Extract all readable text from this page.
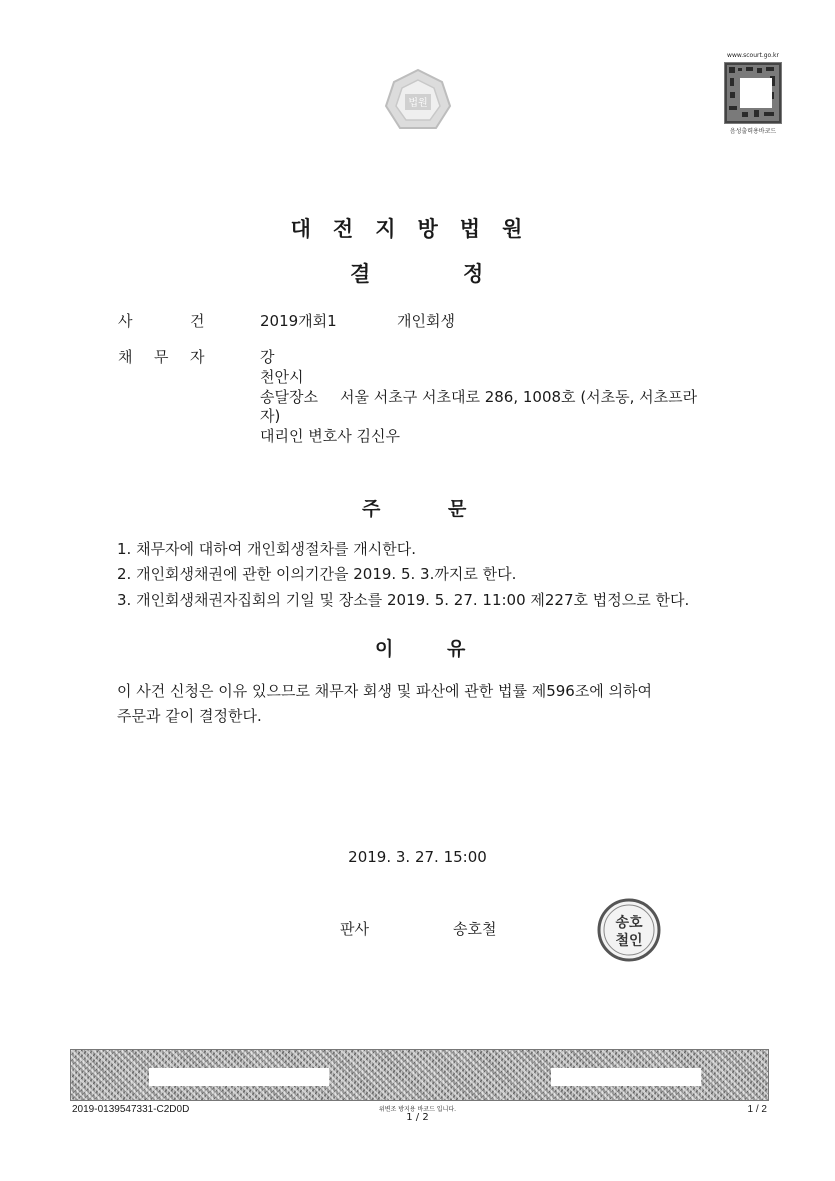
법원
www.scourt.go.kr
음성출력용바코드
대전지방법원
결	정
사	건	2019개회1	개인회생
채 무 자	강
천안시
송달장소 서울 서초구 서초대로 286, 1008호 (서초동, 서초프라
자)
대리인 변호사 김신우
주	문
1. 채무자에 대하여 개인회생절차를 개시한다.
2. 개인회생채권에 관한 이의기간을 2019. 5. 3.까지로 한다.
3. 개인회생채권자집회의 기일 및 장소를 2019. 5. 27. 11:00 제227호 법정으로 한다.
이	유
이 사건 신청은 이유 있으므로 채무자 회생 및 파산에 관한 법률 제596조에 의하여
주문과 같이 결정한다.
2019. 3. 27. 15:00
판사	송호철	송호
철인
2019-0139547331-C2D0D	위변조 방지용 바코드 입니다.
1 / 2
1 / 2
